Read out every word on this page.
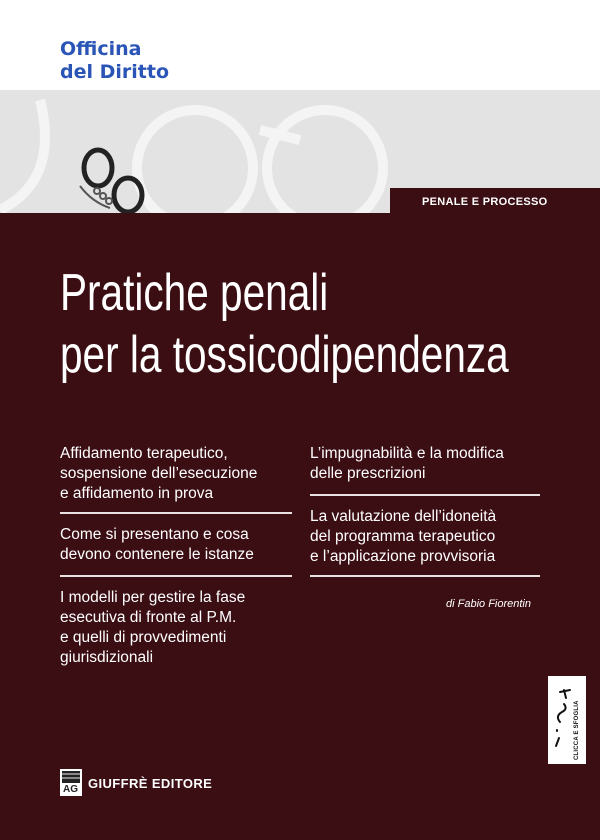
Officina
del Diritto
PENALE E PROCESSO
Pratiche penali
per la tossicodipendenza
Affidamento terapeutico,
sospensione dell’esecuzione
e affidamento in prova
Come si presentano e cosa
devono contenere le istanze
I modelli per gestire la fase
esecutiva di fronte al P.M.
e quelli di provvedimenti
giurisdizionali
L’impugnabilità e la modifica
delle prescrizioni
La valutazione dell’idoneità
del programma terapeutico
e l’applicazione provvisoria
di Fabio Fiorentin
CLICCA E SFOGLIA
AG GIUFFRÈ EDITORE
